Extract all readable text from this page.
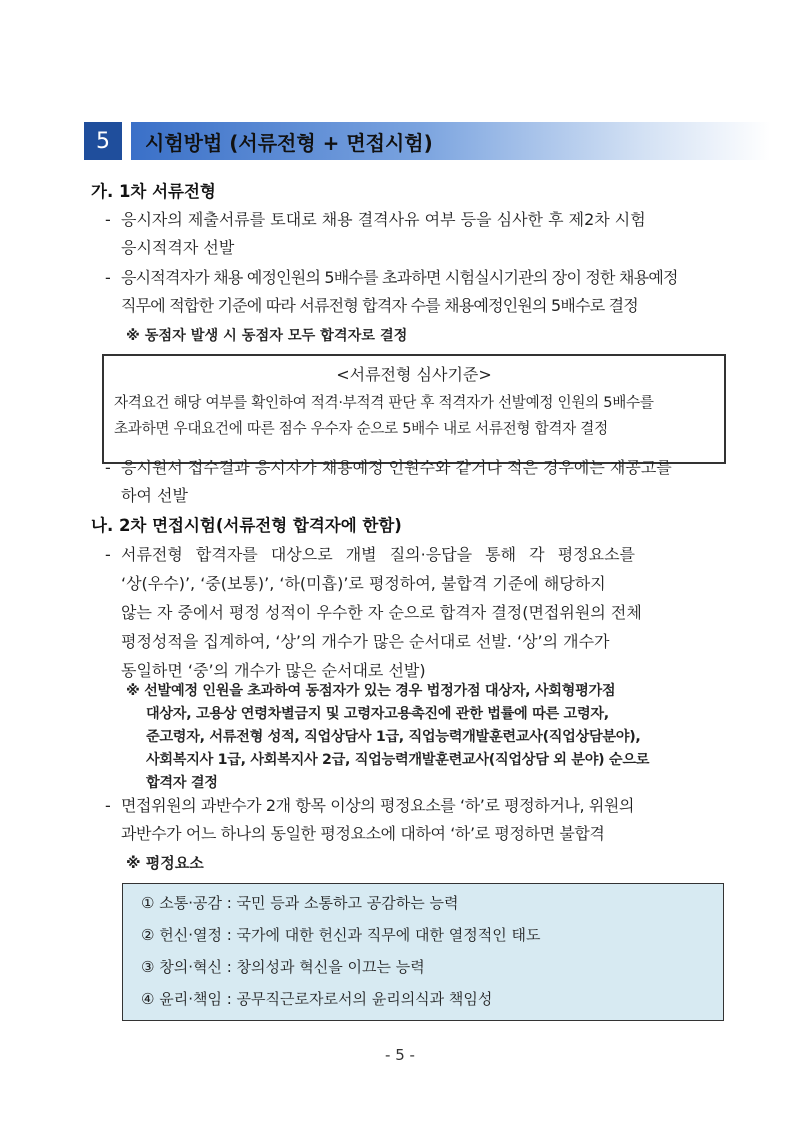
5	시험방법 (서류전형 + 면접시험)
가. 1차 서류전형
- 응시자의 제출서류를 토대로 채용 결격사유 여부 등을 심사한 후 제2차 시험
응시적격자 선발
- 응시적격자가 채용 예정인원의 5배수를 초과하면 시험실시기관의 장이 정한 채용예정
직무에 적합한 기준에 따라 서류전형 합격자 수를 채용예정인원의 5배수로 결정
※ 동점자 발생 시 동점자 모두 합격자로 결정
<서류전형 심사기준>
자격요건 해당 여부를 확인하여 적격·부적격 판단 후 적격자가 선발예정 인원의 5배수를
초과하면 우대요건에 따른 점수 우수자 순으로 5배수 내로 서류전형 합격자 결정
- 응시원서 접수결과 응시자가 채용예정 인원수와 같거나 적은 경우에는 재공고를
하여 선발
나. 2차 면접시험(서류전형 합격자에 한함)
- 서류전형 합격자를 대상으로 개별 질의·응답을 통해 각 평정요소를
‘상(우수)’, ‘중(보통)’, ‘하(미흡)’로 평정하여, 불합격 기준에 해당하지
않는 자 중에서 평정 성적이 우수한 자 순으로 합격자 결정(면접위원의 전체
평정성적을 집계하여, ‘상’의 개수가 많은 순서대로 선발. ‘상’의 개수가
동일하면 ‘중’의 개수가 많은 순서대로 선발)
※ 선발예정 인원을 초과하여 동점자가 있는 경우 법정가점 대상자, 사회형평가점
대상자, 고용상 연령차별금지 및 고령자고용촉진에 관한 법률에 따른 고령자,
준고령자, 서류전형 성적, 직업상담사 1급, 직업능력개발훈련교사(직업상담분야),
사회복지사 1급, 사회복지사 2급, 직업능력개발훈련교사(직업상담 외 분야) 순으로
합격자 결정
- 면접위원의 과반수가 2개 항목 이상의 평정요소를 ‘하’로 평정하거나, 위원의
과반수가 어느 하나의 동일한 평정요소에 대하여 ‘하’로 평정하면 불합격
※ 평정요소
① 소통·공감 : 국민 등과 소통하고 공감하는 능력
② 헌신·열정 : 국가에 대한 헌신과 직무에 대한 열정적인 태도
③ 창의·혁신 : 창의성과 혁신을 이끄는 능력
④ 윤리·책임 : 공무직근로자로서의 윤리의식과 책임성
- 5 -
